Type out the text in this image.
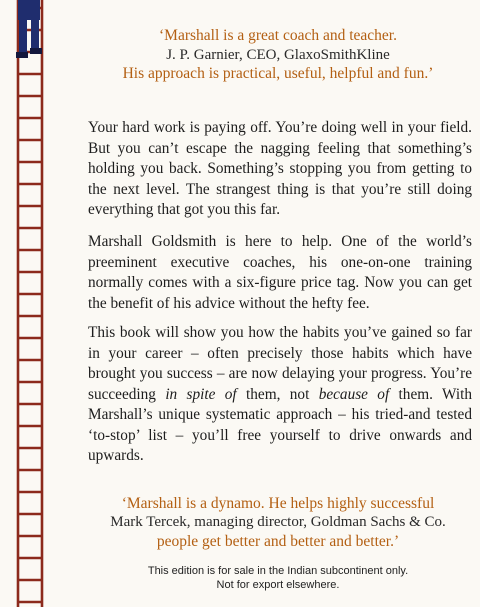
‘Marshall is a great coach and teacher.

His approach is practical, useful, helpful and fun.’

J. P. Garnier, CEO, GlaxoSmithKline

Your hard work is paying off. You’re doing well in your field. But you can’t escape the nagging feeling that something’s holding you back. Something’s stopping you from getting to the next level. The strangest thing is that you’re still doing everything that got you this far.

Marshall Goldsmith is here to help. One of the world’s preeminent executive coaches, his one-on-one training normally comes with a six-figure price tag. Now you can get the benefit of his advice without the hefty fee.

This book will show you how the habits you’ve gained so far in your career – often precisely those habits which have brought you success – are now delaying your progress. You’re succeeding in spite of them, not because of them. With Marshall’s unique systematic approach – his tried-and tested ‘to-stop’ list – you’ll free yourself to drive onwards and upwards.

‘Marshall is a dynamo. He helps highly successful

people get better and better and better.’

Mark Tercek, managing director, Goldman Sachs & Co.
This edition is for sale in the Indian subcontinent only.
Not for export elsewhere.
